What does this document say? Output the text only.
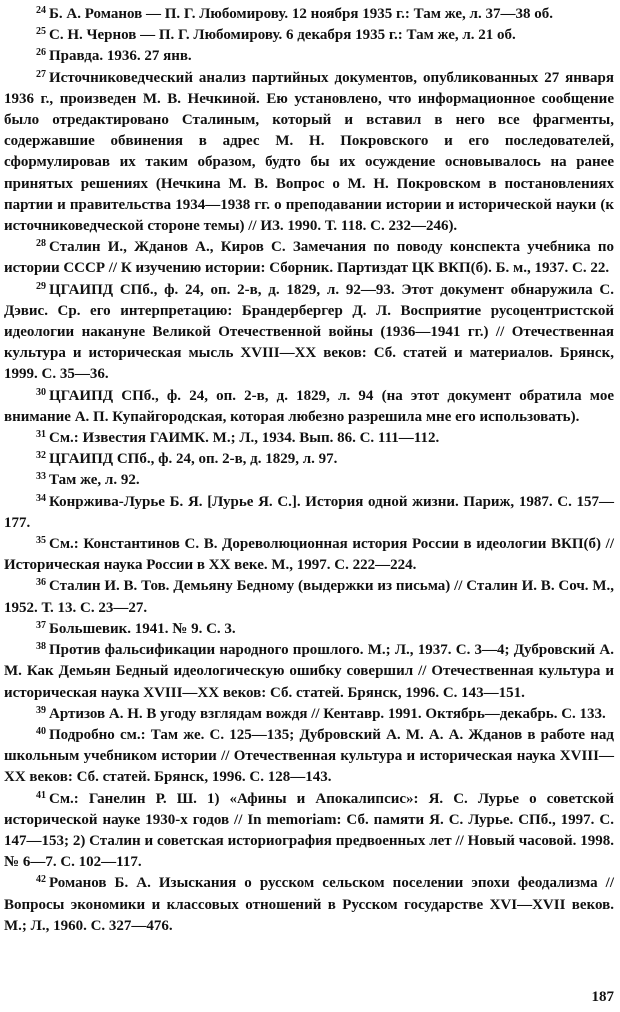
$^{24}$ Б. А. Романов — П. Г. Любомирову. 12 ноября 1935 г.: Там же, л. 37—38 об.

$^{25}$ С. Н. Чернов — П. Г. Любомирову. 6 декабря 1935 г.: Там же, л. 21 об.

$^{26}$ Правда. 1936. 27 янв.

$^{27}$ Источниковедческий анализ партийных документов, опубликованных 27 января 1936 г., произведен М. В. Нечкиной. Ею установлено, что информационное сообщение было отредактировано Сталиным, который и вставил в него все фрагменты, содержавшие обвинения в адрес М. Н. Покровского и его последователей, сформулировав их таким образом, будто бы их осуждение основывалось на ранее принятых решениях (Нечкина М. В. Вопрос о М. Н. Покровском в постановлениях партии и правительства 1934—1938 гг. о преподавании истории и исторической науки (к источниковедческой стороне темы) // ИЗ. 1990. Т. 118. С. 232—246).

$^{28}$ Сталин И., Жданов А., Киров С. Замечания по поводу конспекта учебника по истории СССР // К изучению истории: Сборник. Партиздат ЦК ВКП(б). Б. м., 1937. С. 22.

$^{29}$ ЦГАИПД СПб., ф. 24, оп. 2-в, д. 1829, л. 92—93. Этот документ обнаружила С. Дэвис. Ср. его интерпретацию: Брандербергер Д. Л. Восприятие русоцентристской идеологии накануне Великой Отечественной войны (1936—1941 гг.) // Отечественная культура и историческая мысль XVIII—XX веков: Сб. статей и материалов. Брянск, 1999. С. 35—36.

$^{30}$ ЦГАИПД СПб., ф. 24, оп. 2-в, д. 1829, л. 94 (на этот документ обратила мое внимание А. П. Купайгородская, которая любезно разрешила мне его использовать).

$^{31}$ См.: Известия ГАИМК. М.; Л., 1934. Вып. 86. С. 111—112.

$^{32}$ ЦГАИПД СПб., ф. 24, оп. 2-в, д. 1829, л. 97.

$^{33}$ Там же, л. 92.

$^{34}$ Конржива-Лурье Б. Я. [Лурье Я. С.]. История одной жизни. Париж, 1987. С. 157—177.

$^{35}$ См.: Константинов С. В. Дореволюционная история России в идеологии ВКП(б) // Историческая наука России в XX веке. М., 1997. С. 222—224.

$^{36}$ Сталин И. В. Тов. Демьяну Бедному (выдержки из письма) // Сталин И. В. Соч. М., 1952. Т. 13. С. 23—27.

$^{37}$ Большевик. 1941. № 9. С. 3.

$^{38}$ Против фальсификации народного прошлого. М.; Л., 1937. С. 3—4; Дубровский А. М. Как Демьян Бедный идеологическую ошибку совершил // Отечественная культура и историческая наука XVIII—XX веков: Сб. статей. Брянск, 1996. С. 143—151.

$^{39}$ Артизов А. Н. В угоду взглядам вождя // Кентавр. 1991. Октябрь—декабрь. С. 133.

$^{40}$ Подробно см.: Там же. С. 125—135; Дубровский А. М. А. А. Жданов в работе над школьным учебником истории // Отечественная культура и историческая наука XVIII—XX веков: Сб. статей. Брянск, 1996. С. 128—143.

$^{41}$ См.: Ганелин Р. Ш. 1) «Афины и Апокалипсис»: Я. С. Лурье о советской исторической науке 1930-х годов // In memoriam: Сб. памяти Я. С. Лурье. СПб., 1997. С. 147—153; 2) Сталин и советская историография предвоенных лет // Новый часовой. 1998. № 6—7. С. 102—117.

$^{42}$ Романов Б. А. Изыскания о русском сельском поселении эпохи феодализма // Вопросы экономики и классовых отношений в Русском государстве XVI—XVII веков. М.; Л., 1960. С. 327—476.

187
